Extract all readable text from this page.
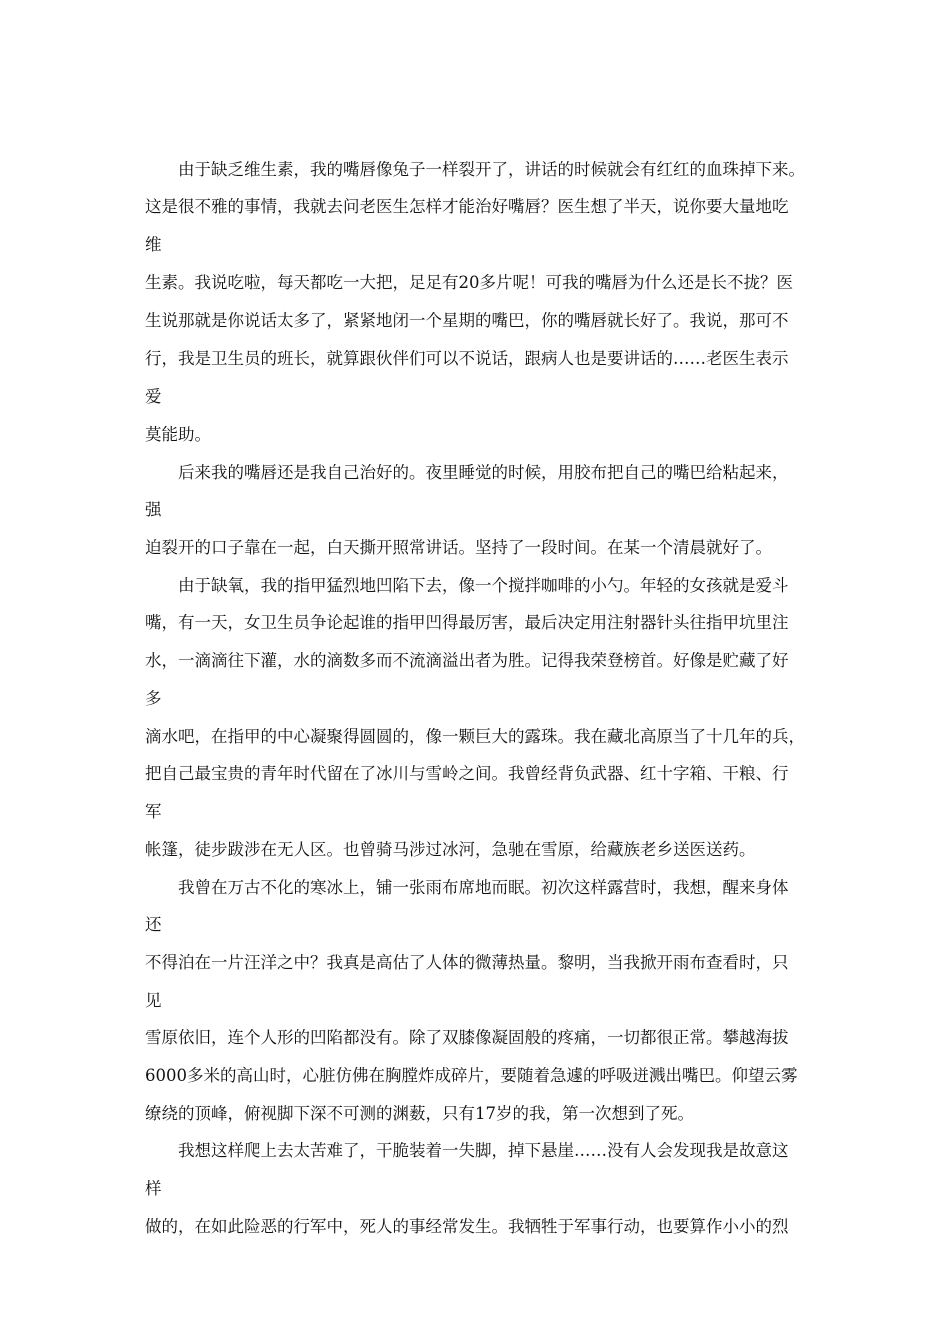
由于缺乏维生素，我的嘴唇像兔子一样裂开了，讲话的时候就会有红红的血珠掉下来。
这是很不雅的事情，我就去问老医生怎样才能治好嘴唇？医生想了半天，说你要大量地吃
维
生素。我说吃啦，每天都吃一大把，足足有20多片呢！可我的嘴唇为什么还是长不拢？医
生说那就是你说话太多了，紧紧地闭一个星期的嘴巴，你的嘴唇就长好了。我说，那可不
行，我是卫生员的班长，就算跟伙伴们可以不说话，跟病人也是要讲话的……老医生表示
爱
莫能助。
后来我的嘴唇还是我自己治好的。夜里睡觉的时候，用胶布把自己的嘴巴给粘起来，
强
迫裂开的口子靠在一起，白天撕开照常讲话。坚持了一段时间。在某一个清晨就好了。
由于缺氧，我的指甲猛烈地凹陷下去，像一个搅拌咖啡的小勺。年轻的女孩就是爱斗
嘴，有一天，女卫生员争论起谁的指甲凹得最厉害，最后决定用注射器针头往指甲坑里注
水，一滴滴往下灌，水的滴数多而不流滴溢出者为胜。记得我荣登榜首。好像是贮藏了好
多
滴水吧，在指甲的中心凝聚得圆圆的，像一颗巨大的露珠。我在藏北高原当了十几年的兵，
把自己最宝贵的青年时代留在了冰川与雪岭之间。我曾经背负武器、红十字箱、干粮、行
军
帐篷，徒步跋涉在无人区。也曾骑马涉过冰河，急驰在雪原，给藏族老乡送医送药。
我曾在万古不化的寒冰上，铺一张雨布席地而眠。初次这样露营时，我想，醒来身体
还
不得泊在一片汪洋之中？我真是高估了人体的微薄热量。黎明，当我掀开雨布查看时，只
见
雪原依旧，连个人形的凹陷都没有。除了双膝像凝固般的疼痛，一切都很正常。攀越海拔
6000多米的高山时，心脏仿佛在胸膛炸成碎片，要随着急遽的呼吸迸溅出嘴巴。仰望云雾
缭绕的顶峰，俯视脚下深不可测的渊薮，只有17岁的我，第一次想到了死。
我想这样爬上去太苦难了，干脆装着一失脚，掉下悬崖……没有人会发现我是故意这
样
做的，在如此险恶的行军中，死人的事经常发生。我牺牲于军事行动，也要算作小小的烈
